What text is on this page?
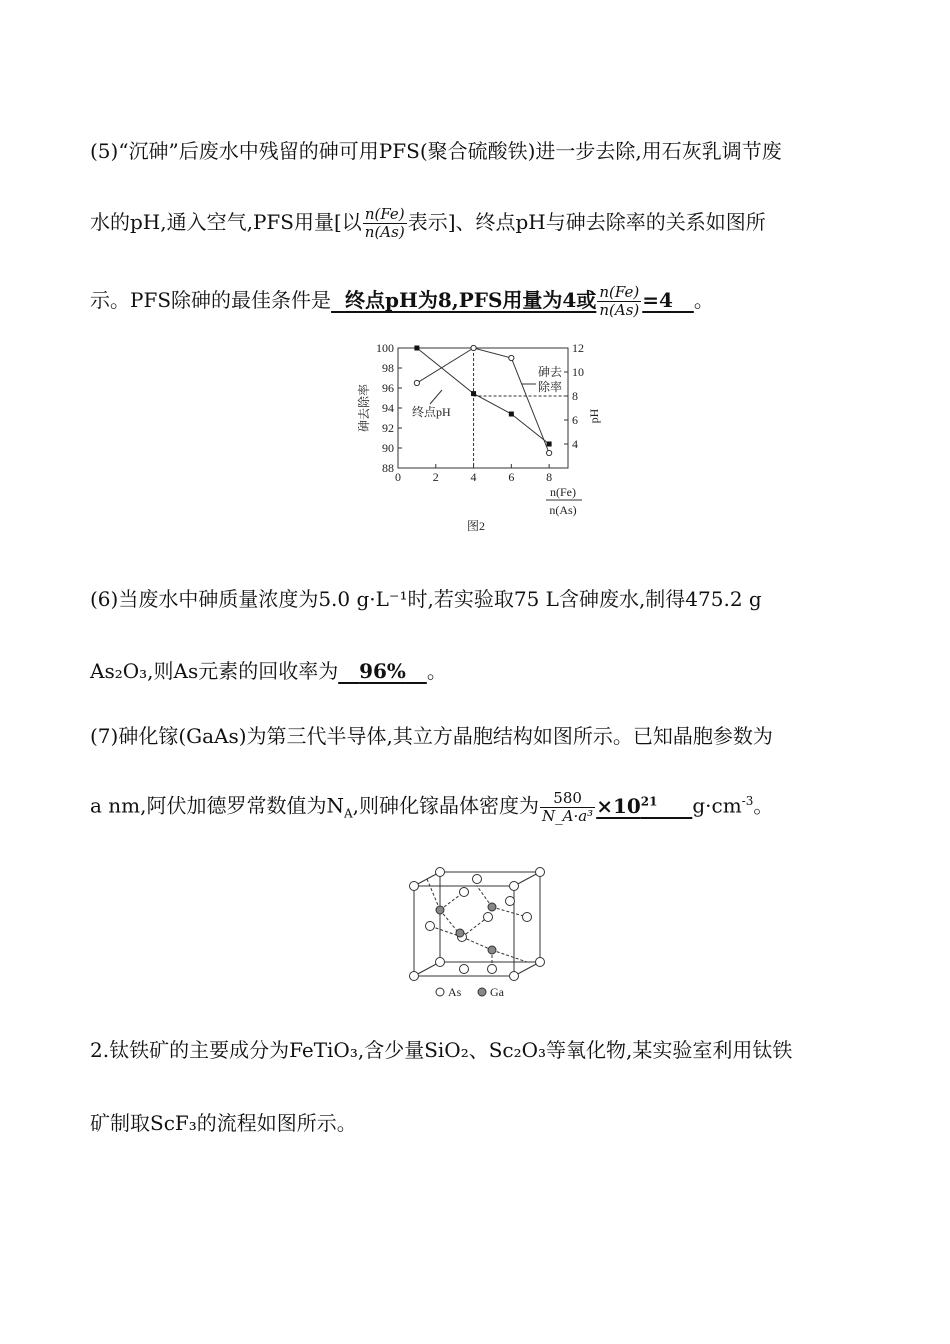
(5)“沉砷”后废水中残留的砷可用PFS(聚合硫酸铁)进一步去除,用石灰乳调节废
水的pH,通入空气,PFS用量[以 $\frac{n(Fe)}{n(As)}$ 表示]、终点pH与砷去除率的关系如图所
示。PFS除砷的最佳条件是 终点pH为8,PFS用量为4或 $\frac{n(Fe)}{n(As)} =4$ 。
0	2	4	6	8
88
90
92
94
96
98
100
4
6
8
10
12
砷去
除率
终点pH
砷去除率	pH
n(Fe)
n(As)
图2
(6)当废水中砷质量浓度为5.0 g·L⁻¹时,若实验取75 L含砷废水,制得475.2 g
As₂O₃,则As元素的回收率为 96% 。
(7)砷化镓(GaAs)为第三代半导体,其立方晶胞结构如图所示。已知晶胞参数为
a nm,阿伏加德罗常数值为$N_A$,则砷化镓晶体密度为 $\frac{580}{\text{N\_A·a³}} \times 10^{21}$ $g\cdot cm^{-3}$。
As Ga
2.钛铁矿的主要成分为FeTiO₃,含少量SiO₂、Sc₂O₃等氧化物,某实验室利用钛铁
矿制取ScF₃的流程如图所示。
